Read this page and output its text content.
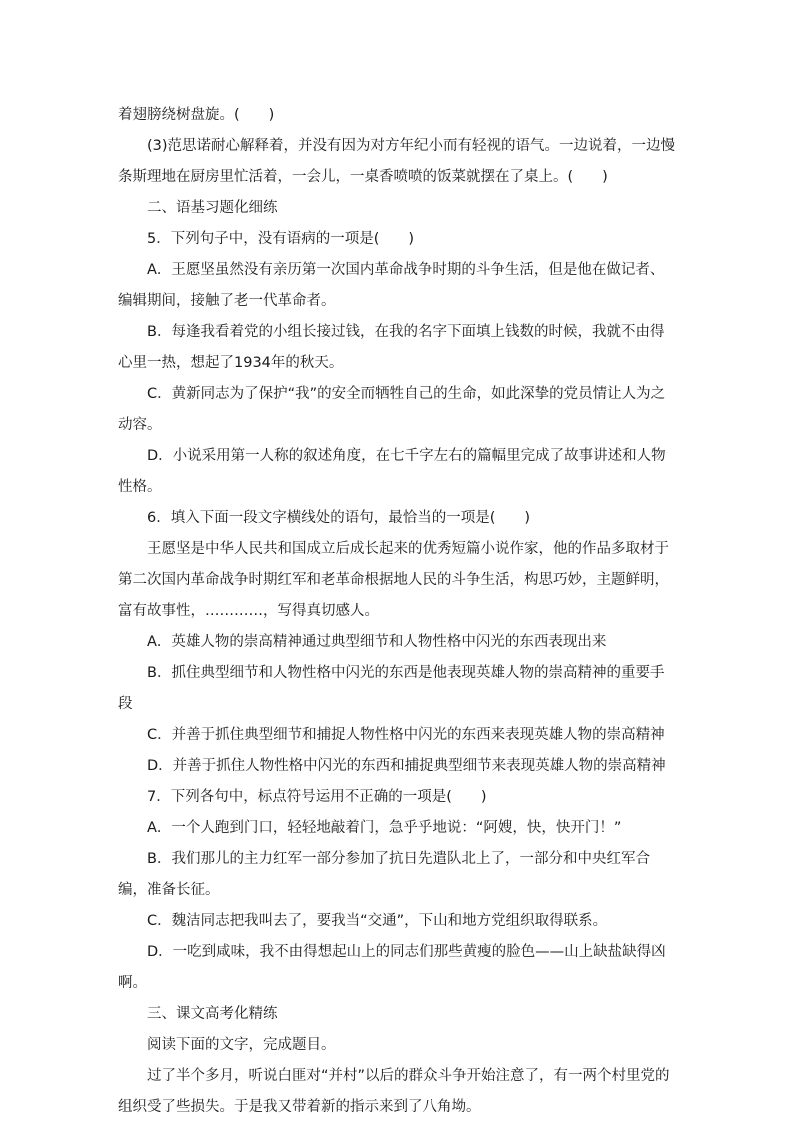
着翅膀绕树盘旋。(　　)

(3)范思诺耐心解释着，并没有因为对方年纪小而有轻视的语气。一边说着，一边慢条斯理地在厨房里忙活着，一会儿，一桌香喷喷的饭菜就摆在了桌上。(　　)

二、语基习题化细练

5．下列句子中，没有语病的一项是(　　)

A．王愿坚虽然没有亲历第一次国内革命战争时期的斗争生活，但是他在做记者、编辑期间，接触了老一代革命者。

B．每逢我看着党的小组长接过钱，在我的名字下面填上钱数的时候，我就不由得心里一热，想起了1934年的秋天。

C．黄新同志为了保护“我”的安全而牺牲自己的生命，如此深挚的党员情让人为之动容。

D．小说采用第一人称的叙述角度，在七千字左右的篇幅里完成了故事讲述和人物性格。

6．填入下面一段文字横线处的语句，最恰当的一项是(　　)

王愿坚是中华人民共和国成立后成长起来的优秀短篇小说作家，他的作品多取材于第二次国内革命战争时期红军和老革命根据地人民的斗争生活，构思巧妙，主题鲜明，富有故事性，…………，写得真切感人。

A．英雄人物的崇高精神通过典型细节和人物性格中闪光的东西表现出来

B．抓住典型细节和人物性格中闪光的东西是他表现英雄人物的崇高精神的重要手段

C．并善于抓住典型细节和捕捉人物性格中闪光的东西来表现英雄人物的崇高精神

D．并善于抓住人物性格中闪光的东西和捕捉典型细节来表现英雄人物的崇高精神

7．下列各句中，标点符号运用不正确的一项是(　　)

A．一个人跑到门口，轻轻地敲着门，急乎乎地说：“阿嫂，快，快开门！”

B．我们那儿的主力红军一部分参加了抗日先遣队北上了，一部分和中央红军合编，准备长征。

C．魏洁同志把我叫去了，要我当“交通”，下山和地方党组织取得联系。

D．一吃到咸味，我不由得想起山上的同志们那些黄瘦的脸色——山上缺盐缺得凶啊。

三、课文高考化精练

阅读下面的文字，完成题目。

过了半个多月，听说白匪对“并村”以后的群众斗争开始注意了，有一两个村里党的组织受了些损失。于是我又带着新的指示来到了八角坳。
